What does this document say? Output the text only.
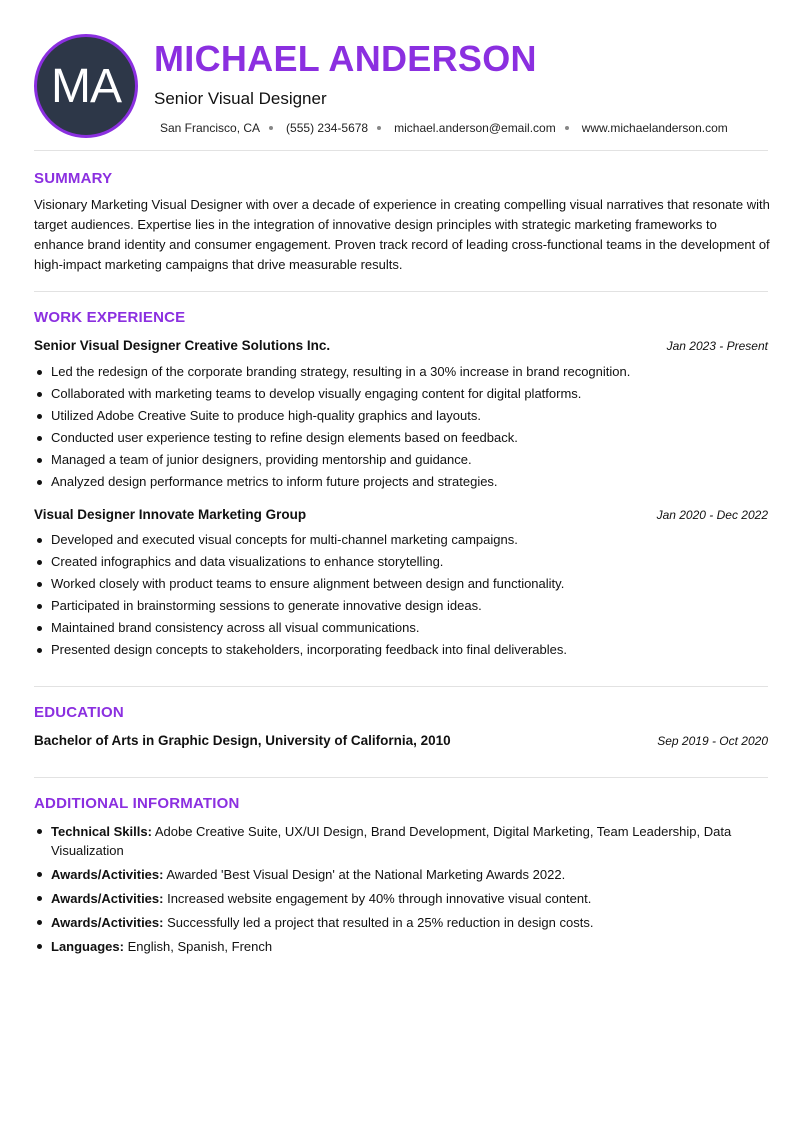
MA
MICHAEL ANDERSON
Senior Visual Designer
San Francisco, CA (555) 234-5678 michael.anderson@email.com www.michaelanderson.com
SUMMARY

Visionary Marketing Visual Designer with over a decade of experience in creating compelling visual narratives that resonate with target audiences. Expertise lies in the integration of innovative design principles with strategic marketing frameworks to enhance brand identity and consumer engagement. Proven track record of leading cross-functional teams in the development of high-impact marketing campaigns that drive measurable results.

WORK EXPERIENCE
Senior Visual Designer Creative Solutions Inc.	Jan 2023 - Present
Led the redesign of the corporate branding strategy, resulting in a 30% increase in brand recognition.
Collaborated with marketing teams to develop visually engaging content for digital platforms.
Utilized Adobe Creative Suite to produce high-quality graphics and layouts.
Conducted user experience testing to refine design elements based on feedback.
Managed a team of junior designers, providing mentorship and guidance.
Analyzed design performance metrics to inform future projects and strategies.
Visual Designer Innovate Marketing Group	Jan 2020 - Dec 2022
Developed and executed visual concepts for multi-channel marketing campaigns.
Created infographics and data visualizations to enhance storytelling.
Worked closely with product teams to ensure alignment between design and functionality.
Participated in brainstorming sessions to generate innovative design ideas.
Maintained brand consistency across all visual communications.
Presented design concepts to stakeholders, incorporating feedback into final deliverables.
EDUCATION
Bachelor of Arts in Graphic Design, University of California, 2010	Sep 2019 - Oct 2020
ADDITIONAL INFORMATION
Technical Skills: Adobe Creative Suite, UX/UI Design, Brand Development, Digital Marketing, Team Leadership, Data Visualization
Awards/Activities: Awarded 'Best Visual Design' at the National Marketing Awards 2022.
Awards/Activities: Increased website engagement by 40% through innovative visual content.
Awards/Activities: Successfully led a project that resulted in a 25% reduction in design costs.
Languages: English, Spanish, French
